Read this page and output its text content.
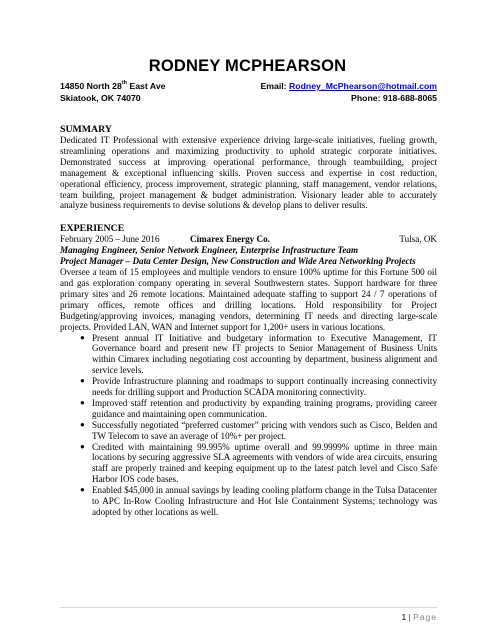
RODNEY MCPHEARSON
14850 North 28th East Ave	Email: Rodney_McPhearson@hotmail.com
Skiatook, OK 74070	Phone: 918-688-8065

SUMMARY

Dedicated IT Professional with extensive experience driving large-scale initiatives, fueling growth, streamlining operations and maximizing productivity to uphold strategic corporate initiatives. Demonstrated success at improving operational performance, through teambuilding, project management & exceptional influencing skills. Proven success and expertise in cost reduction, operational efficiency, process improvement, strategic planning, staff management, vendor relations, team building, project management & budget administration. Visionary leader able to accurately analyze business requirements to devise solutions & develop plans to deliver results.

EXPERIENCE

February 2005 – June 2016	Cimarex Energy Co.	Tulsa, OK

Managing Engineer, Senior Network Engineer, Enterprise Infrastructure Team

Project Manager – Data Center Design, New Construction and Wide Area Networking Projects

Oversee a team of 15 employees and multiple vendors to ensure 100% uptime for this Fortune 500 oil and gas exploration company operating in several Southwestern states. Support hardware for three primary sites and 26 remote locations. Maintained adequate staffing to support 24 / 7 operations of primary offices, remote offices and drilling locations. Hold responsibility for Project Budgeting/approving invoices, managing vendors, determining IT needs and directing large-scale projects. Provided LAN, WAN and Internet support for 1,200+ users in various locations.

● Present annual IT Initiative and budgetary information to Executive Management, IT Governance board and present new IT projects to Senior Management of Business Units within Cimarex including negotiating cost accounting by department, business alignment and service levels.
● Provide Infrastructure planning and roadmaps to support continually increasing connectivity needs for drilling support and Production SCADA monitoring connectivity.
● Improved staff retention and productivity by expanding training programs, providing career guidance and maintaining open communication.
● Successfully negotiated “preferred customer” pricing with vendors such as Cisco, Belden and TW Telecom to save an average of 10%+ per project.
● Credited with maintaining 99.995% uptime overall and 99.9999% uptime in three main locations by securing aggressive SLA agreements with vendors of wide area circuits, ensuring staff are properly trained and keeping equipment up to the latest patch level and Cisco Safe Harbor IOS code bases.
● Enabled $45,000 in annual savings by leading cooling platform change in the Tulsa Datacenter to APC In-Row Cooling Infrastructure and Hot Isle Containment Systems; technology was adopted by other locations as well.
1 | Page
